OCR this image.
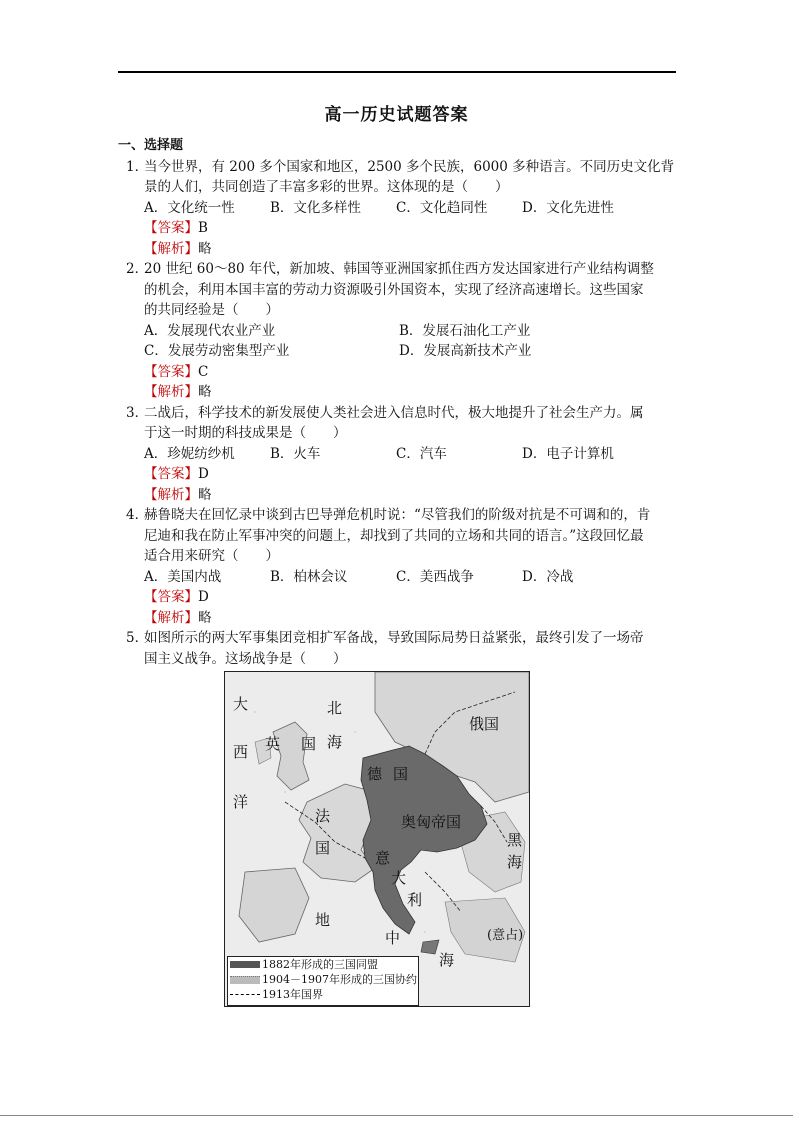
高一历史试题答案
一、选择题
1．
当今世界，有 200 多个国家和地区，2500 多个民族，6000 多种语言。不同历史文化背
景的人们，共同创造了丰富多彩的世界。这体现的是（　　）
A．文化统一性	B．文化多样性	C．文化趋同性	D．文化先进性
【答案】B
【解析】略
2．
20 世纪 60～80 年代，新加坡、韩国等亚洲国家抓住西方发达国家进行产业结构调整
的机会，利用本国丰富的劳动力资源吸引外国资本，实现了经济高速增长。这些国家
的共同经验是（　　）
A．发展现代农业产业	B．发展石油化工产业
C．发展劳动密集型产业	D．发展高新技术产业
【答案】C
【解析】略
3．
二战后，科学技术的新发展使人类社会进入信息时代，极大地提升了社会生产力。属
于这一时期的科技成果是（　　）
A．珍妮纺纱机	B．火车	C．汽车	D．电子计算机
【答案】D
【解析】略
4．
赫鲁晓夫在回忆录中谈到古巴导弹危机时说：“尽管我们的阶级对抗是不可调和的，肯
尼迪和我在防止军事冲突的问题上，却找到了共同的立场和共同的语言。”这段回忆最
适合用来研究（　　）
A．美国内战	B．柏林会议	C．美西战争	D．冷战
【答案】D
【解析】略
5．
如图所示的两大军事集团竞相扩军备战，导致国际局势日益紧张，最终引发了一场帝
国主义战争。这场战争是（　　）
大
西
洋
北
海
英 国
俄国
德 国
奥匈帝国
法
国
意
大
利
黑
海
地
中
海
(意占)
1882年形成的三国同盟
1904－1907年形成的三国协约
1913年国界
